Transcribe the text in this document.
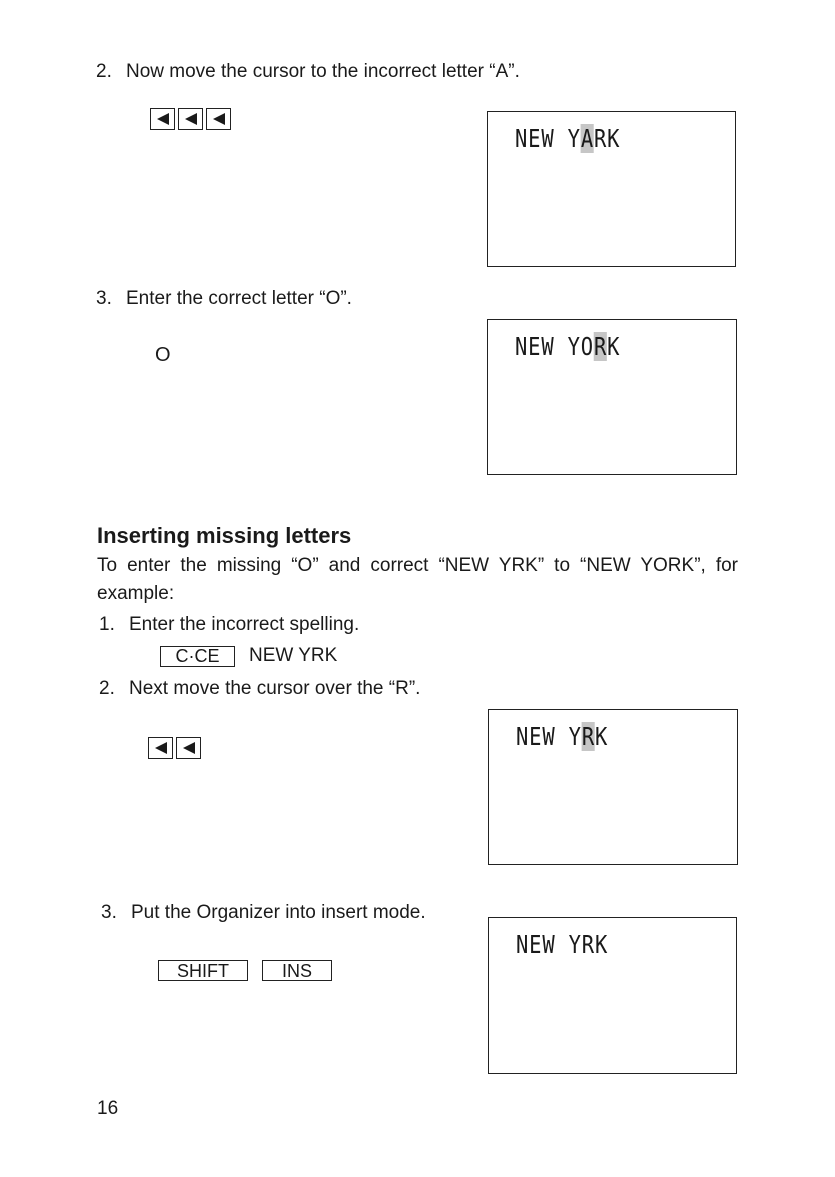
2. Now move the cursor to the incorrect letter “A”.
NEW YARK
3. Enter the correct letter “O”.
O	NEW YORK
Inserting missing letters
To enter the missing “O” and correct “NEW YRK” to “NEW YORK”, for
example:
1. Enter the incorrect spelling.
C·CE	NEW YRK
2. Next move the cursor over the “R”.
NEW YRK
3. Put the Organizer into insert mode.
SHIFT	INS
NEW YRK
16
